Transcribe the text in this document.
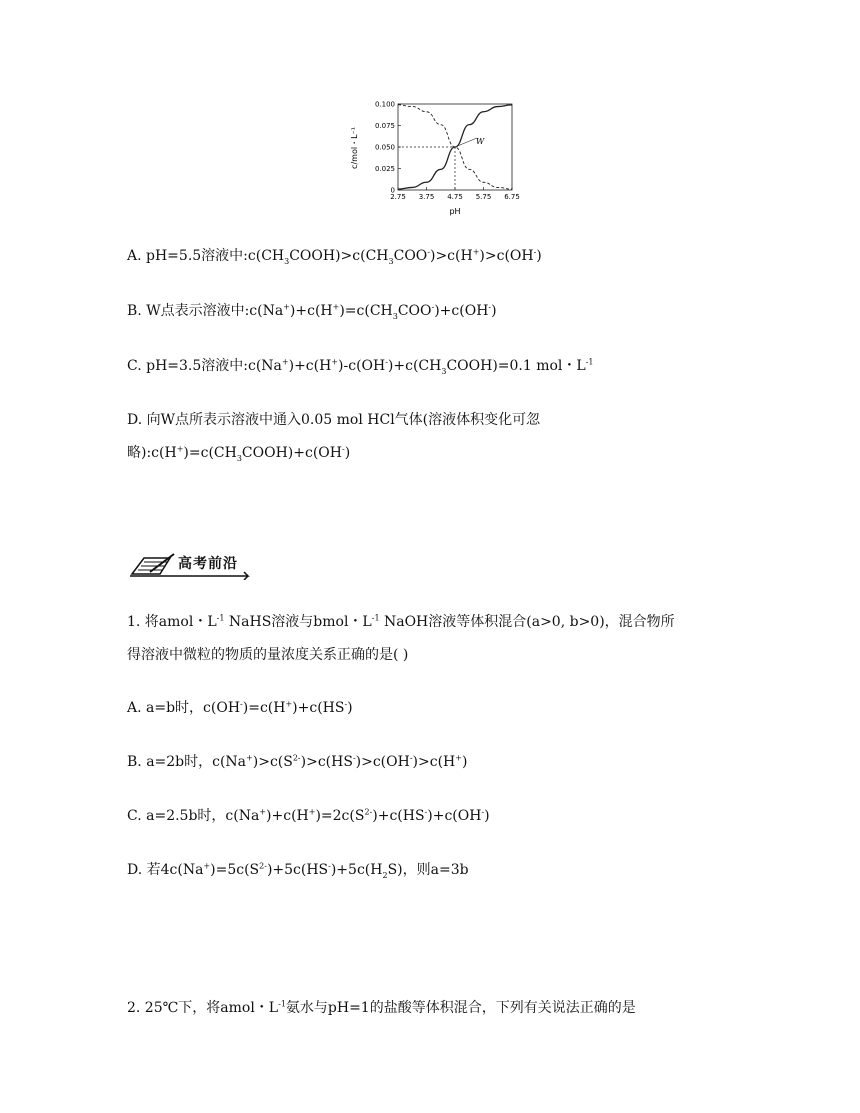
c/mol・L⁻¹
pH
W
0
0.025
0.050
0.075
0.100
2.75 3.75 4.75 5.75 6.75
A. pH=5.5溶液中$:c(CH_3COOH)>c(CH_3COO^-)>c(H^+)>c(OH^-)$
B. W点表示溶液中$:c(Na^+)+c(H^+)=c(CH_3COO^-)+c(OH^-)$
C. pH=3.5溶液中$:c(Na^+)+c(H^+)-c(OH^-)+c(CH_3COOH)=0.1$ mol・$L^{-1}$
D. 向W点所表示溶液中通入0.05 mol HCl气体(溶液体积变化可忽
略)$:c(H^+)=c(CH_3COOH)+c(OH^-)$
高考前沿
1. 将amol・$L^{-1}$ NaHS溶液与bmol・$L^{-1}$ NaOH溶液等体积混合(a>0, b>0)，混合物所
得溶液中微粒的物质的量浓度关系正确的是( )
A. a=b时，c(OH-)=c(H+)+c(HS-)
B. a=2b时，$c(Na^+)>c(S^{2-})>c(HS^-)>c(OH^-)>c(H^+)$
C. a=2.5b时，$c(Na^+)+c(H^+)=2c(S^{2-})+c(HS^-)+c(OH^-)$
D. 若$4c(Na^+)=5c(S^{2-})+5c(HS^-)+5c(H_2S)$，则a=3b
2. 25℃下，将amol・$L^{-1}$氨水与pH=1的盐酸等体积混合，下列有关说法正确的是
